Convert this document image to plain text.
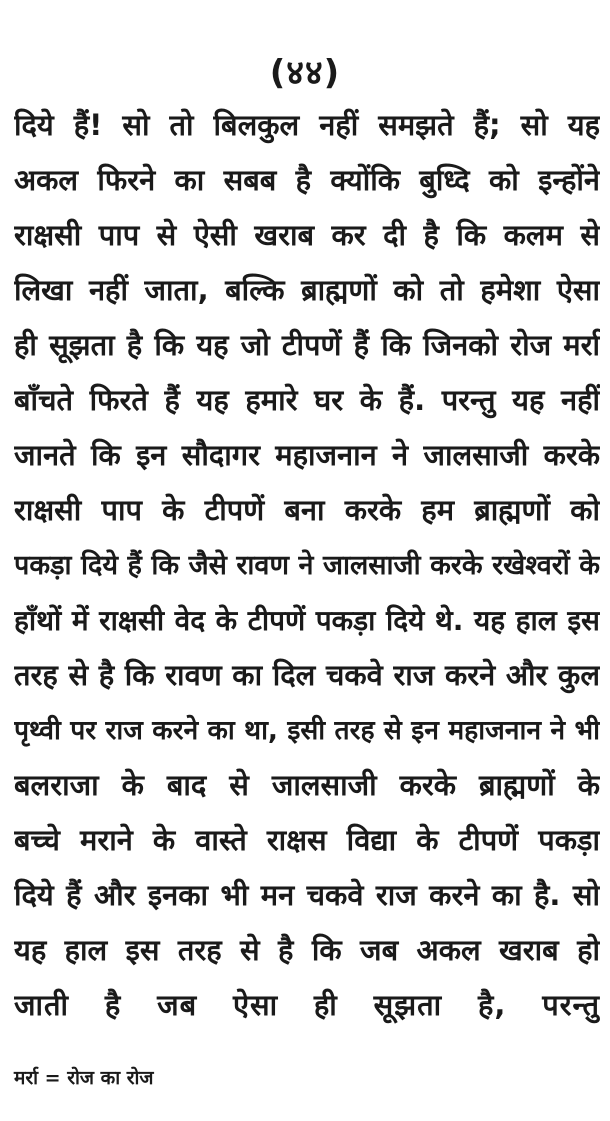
(४४)
दिये हैं! सो तो बिलकुल नहीं समझते हैं; सो यह
अकल फिरने का सबब है क्योंकि बुध्दि को इन्होंने
राक्षसी पाप से ऐसी खराब कर दी है कि कलम से
लिखा नहीं जाता, बल्कि ब्राह्मणों को तो हमेशा ऐसा
ही सूझता है कि यह जो टीपणें हैं कि जिनको रोज मर्रा
बाँचते फिरते हैं यह हमारे घर के हैं. परन्तु यह नहीं
जानते कि इन सौदागर महाजनान ने जालसाजी करके
राक्षसी पाप के टीपणें बना करके हम ब्राह्मणों को
पकड़ा दिये हैं कि जैसे रावण ने जालसाजी करके रखेश्वरों के
हाँथों में राक्षसी वेद के टीपणें पकड़ा दिये थे. यह हाल इस
तरह से है कि रावण का दिल चकवे राज करने और कुल
पृथ्वी पर राज करने का था, इसी तरह से इन महाजनान ने भी
बलराजा के बाद से जालसाजी करके ब्राह्मणों के
बच्चे मराने के वास्ते राक्षस विद्या के टीपणें पकड़ा
दिये हैं और इनका भी मन चकवे राज करने का है. सो
यह हाल इस तरह से है कि जब अकल खराब हो
जाती है जब ऐसा ही सूझता है, परन्तु
मर्रा = रोज का रोज
